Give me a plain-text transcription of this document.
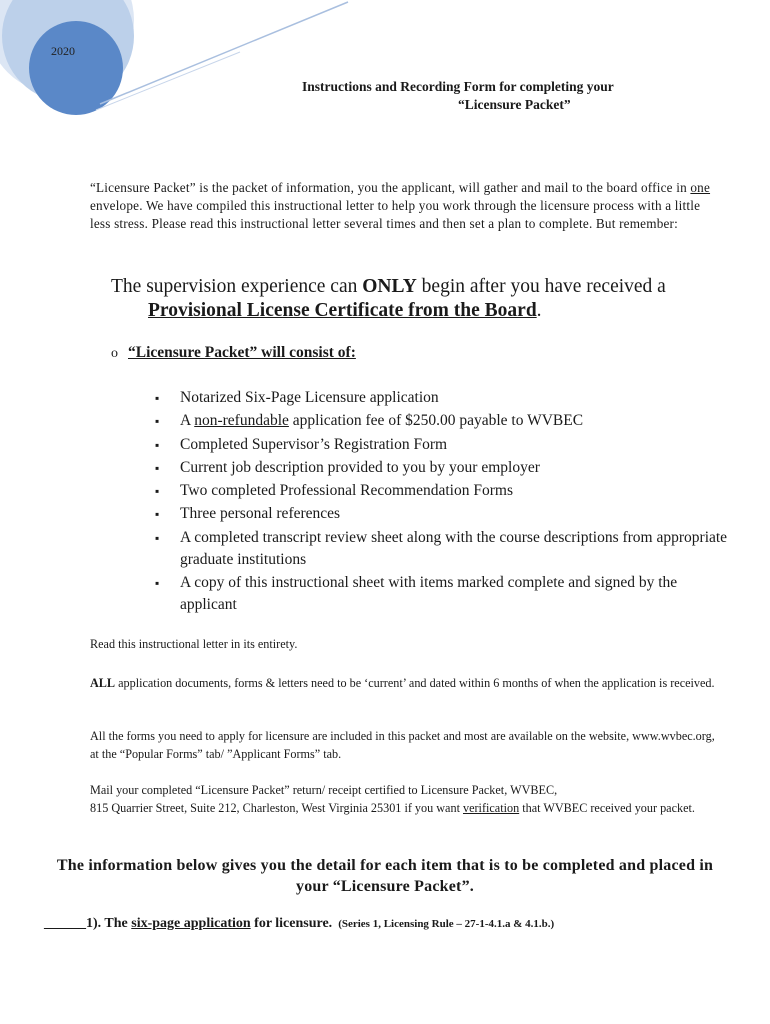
2020
Instructions and Recording Form for completing your
“Licensure Packet”
“Licensure Packet” is the packet of information, you the applicant, will gather and mail to the board office in one envelope. We have compiled this instructional letter to help you work through the licensure process with a little less stress. Please read this instructional letter several times and then set a plan to complete. But remember:
The supervision experience can ONLY begin after you have received a
Provisional License Certificate from the Board.
o “Licensure Packet” will consist of:
▪ Notarized Six-Page Licensure application
▪ A non-refundable application fee of $250.00 payable to WVBEC
▪ Completed Supervisor’s Registration Form
▪ Current job description provided to you by your employer
▪ Two completed Professional Recommendation Forms
▪ Three personal references
▪ A completed transcript review sheet along with the course descriptions from appropriate graduate institutions
▪ A copy of this instructional sheet with items marked complete and signed by the applicant
Read this instructional letter in its entirety.
ALL application documents, forms & letters need to be ‘current’ and dated within 6 months of when the application is received.
All the forms you need to apply for licensure are included in this packet and most are available on the website, www.wvbec.org, at the “Popular Forms” tab/ ”Applicant Forms” tab.
Mail your completed “Licensure Packet” return/ receipt certified to Licensure Packet, WVBEC,
815 Quarrier Street, Suite 212, Charleston, West Virginia 25301 if you want verification that WVBEC received your packet.
The information below gives you the detail for each item that is to be completed and placed in your “Licensure Packet”.
______1). The six-page application for licensure. (Series 1, Licensing Rule – 27-1-4.1.a & 4.1.b.)
